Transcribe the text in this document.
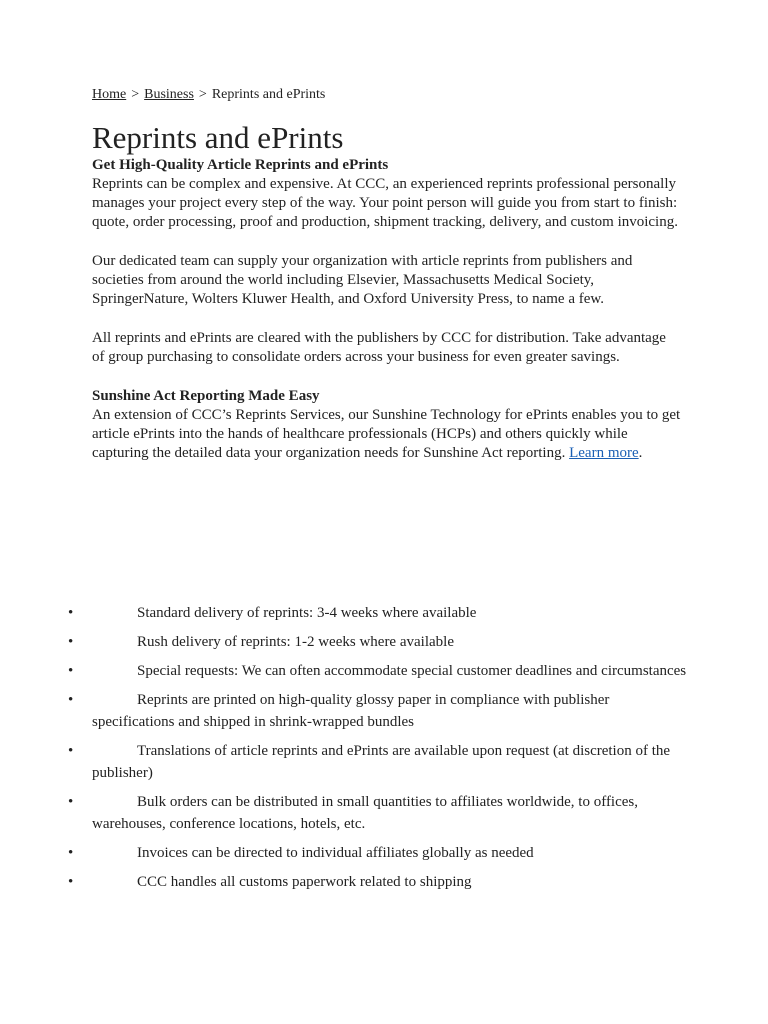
Home > Business > Reprints and ePrints
Reprints and ePrints
Get High-Quality Article Reprints and ePrints

Reprints can be complex and expensive. At CCC, an experienced reprints professional personally manages your project every step of the way. Your point person will guide you from start to finish: quote, order processing, proof and production, shipment tracking, delivery, and custom invoicing.

Our dedicated team can supply your organization with article reprints from publishers and societies from around the world including Elsevier, Massachusetts Medical Society, SpringerNature, Wolters Kluwer Health, and Oxford University Press, to name a few.

All reprints and ePrints are cleared with the publishers by CCC for distribution. Take advantage of group purchasing to consolidate orders across your business for even greater savings.

Sunshine Act Reporting Made Easy

An extension of CCC’s Reprints Services, our Sunshine Technology for ePrints enables you to get article ePrints into the hands of healthcare professionals (HCPs) and others quickly while capturing the detailed data your organization needs for Sunshine Act reporting. Learn more.

•	Standard delivery of reprints: 3-4 weeks where available
•	Rush delivery of reprints: 1-2 weeks where available
•	Special requests: We can often accommodate special customer deadlines and circumstances
•	Reprints are printed on high-quality glossy paper in compliance with publisher specifications and shipped in shrink-wrapped bundles
•	Translations of article reprints and ePrints are available upon request (at discretion of the publisher)
•	Bulk orders can be distributed in small quantities to affiliates worldwide, to offices, warehouses, conference locations, hotels, etc.
•	Invoices can be directed to individual affiliates globally as needed
•	CCC handles all customs paperwork related to shipping
